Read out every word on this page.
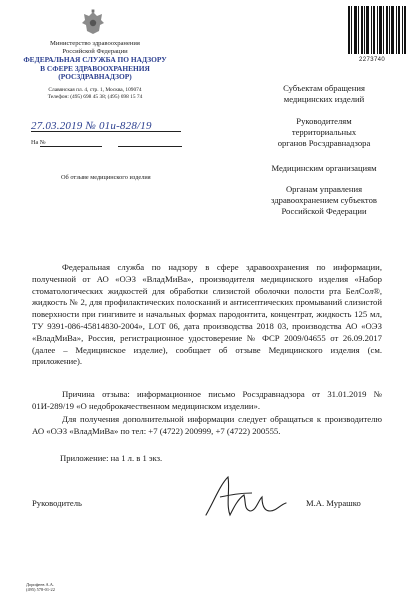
Министерство здравоохранения
Российской Федерации
ФЕДЕРАЛЬНАЯ СЛУЖБА ПО НАДЗОРУ
В СФЕРЕ ЗДРАВООХРАНЕНИЯ
(РОСЗДРАВНАДЗОР)
Славянская пл. 4, стр. 1, Москва, 109074
Телефон: (495) 698 45 38; (495) 698 15 74
27.03.2019 № 01и-828/19
На №
Об отзыве медицинского изделия
2273740
Субъектам обращения
медицинских изделий
Руководителям
территориальных
органов Росздравнадзора
Медицинским организациям
Органам управления
здравоохранением субъектов
Российской Федерации
Федеральная служба по надзору в сфере здравоохранения по информации, полученной от АО «ОЭЗ «ВладМиВа», производителя медицинского изделия «Набор стоматологических жидкостей для обработки слизистой оболочки полости рта БелСол®, жидкость № 2, для профилактических полосканий и антисептических промываний слизистой поверхности при гингивите и начальных формах пародонтита, концентрат, жидкость 125 мл, ТУ 9391-086-45814830-2004», LOT 06, дата производства 2018 03, производства АО «ОЭЗ «ВладМиВа», Россия, регистрационное удостоверение № ФСР 2009/04655 от 26.09.2017 (далее – Медицинское изделие), сообщает об отзыве Медицинского изделия (см. приложение).
Причина отзыва: информационное письмо Росздравнадзора от 31.01.2019 № 01И-289/19 «О недоброкачественном медицинском изделии».
Для получения дополнительной информации следует обращаться к производителю АО «ОЭЗ «ВладМиВа» по тел: +7 (4722) 200999, +7 (4722) 200555.
Приложение: на 1 л. в 1 экз.
Руководитель	М.А. Мурашко
Дорофеев А.А.
(495) 578-01-22
